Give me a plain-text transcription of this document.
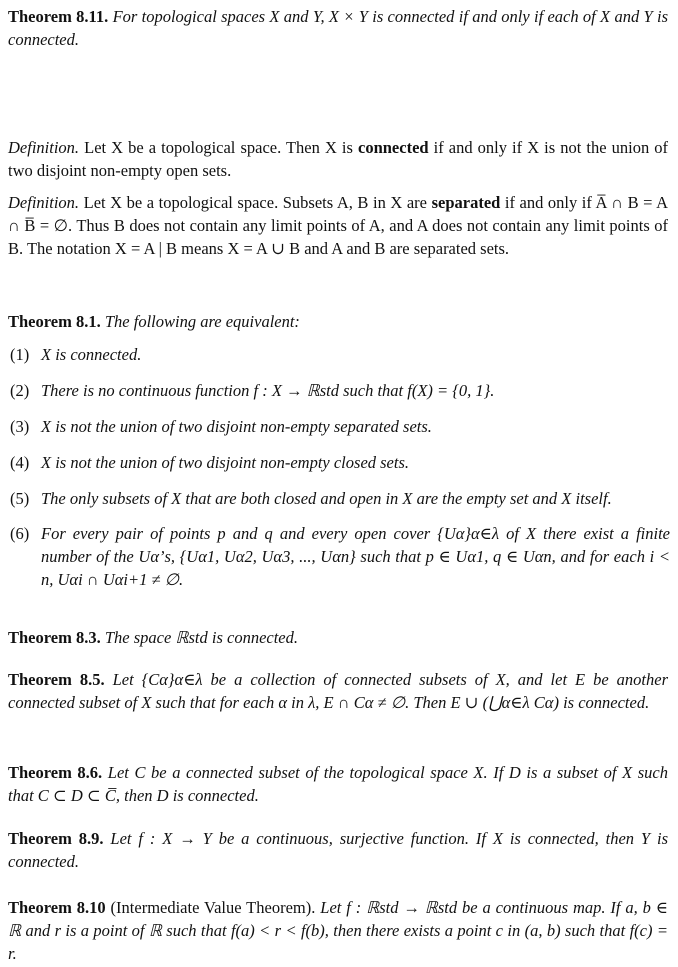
Theorem 8.11. For topological spaces X and Y, X × Y is connected if and only if each of X and Y is connected.

Definition. Let X be a topological space. Then X is connected if and only if X is not the union of two disjoint non-empty open sets.

Definition. Let X be a topological space. Subsets A, B in X are separated if and only if A̅ ∩ B = A ∩ B̅ = ∅. Thus B does not contain any limit points of A, and A does not contain any limit points of B. The notation X = A | B means X = A ∪ B and A and B are separated sets.

Theorem 8.1. The following are equivalent:

(1) X is connected.
(2) There is no continuous function f : X → ℝstd such that f(X) = {0, 1}.
(3) X is not the union of two disjoint non-empty separated sets.
(4) X is not the union of two disjoint non-empty closed sets.
(5) The only subsets of X that are both closed and open in X are the empty set and X itself.
(6) For every pair of points p and q and every open cover {Uα}α∈λ of X there exist a finite number of the Uα’s, {Uα1, Uα2, Uα3, ..., Uαn} such that p ∈ Uα1, q ∈ Uαn, and for each i < n, Uαi ∩ Uαi+1 ≠ ∅.

Theorem 8.3. The space ℝstd is connected.

Theorem 8.5. Let {Cα}α∈λ be a collection of connected subsets of X, and let E be another connected subset of X such that for each α in λ, E ∩ Cα ≠ ∅. Then E ∪ (⋃α∈λ Cα) is connected.

Theorem 8.6. Let C be a connected subset of the topological space X. If D is a subset of X such that C ⊂ D ⊂ C̅, then D is connected.

Theorem 8.9. Let f : X → Y be a continuous, surjective function. If X is connected, then Y is connected.

Theorem 8.10 (Intermediate Value Theorem). Let f : ℝstd → ℝstd be a continuous map. If a, b ∈ ℝ and r is a point of ℝ such that f(a) < r < f(b), then there exists a point c in (a, b) such that f(c) = r.
